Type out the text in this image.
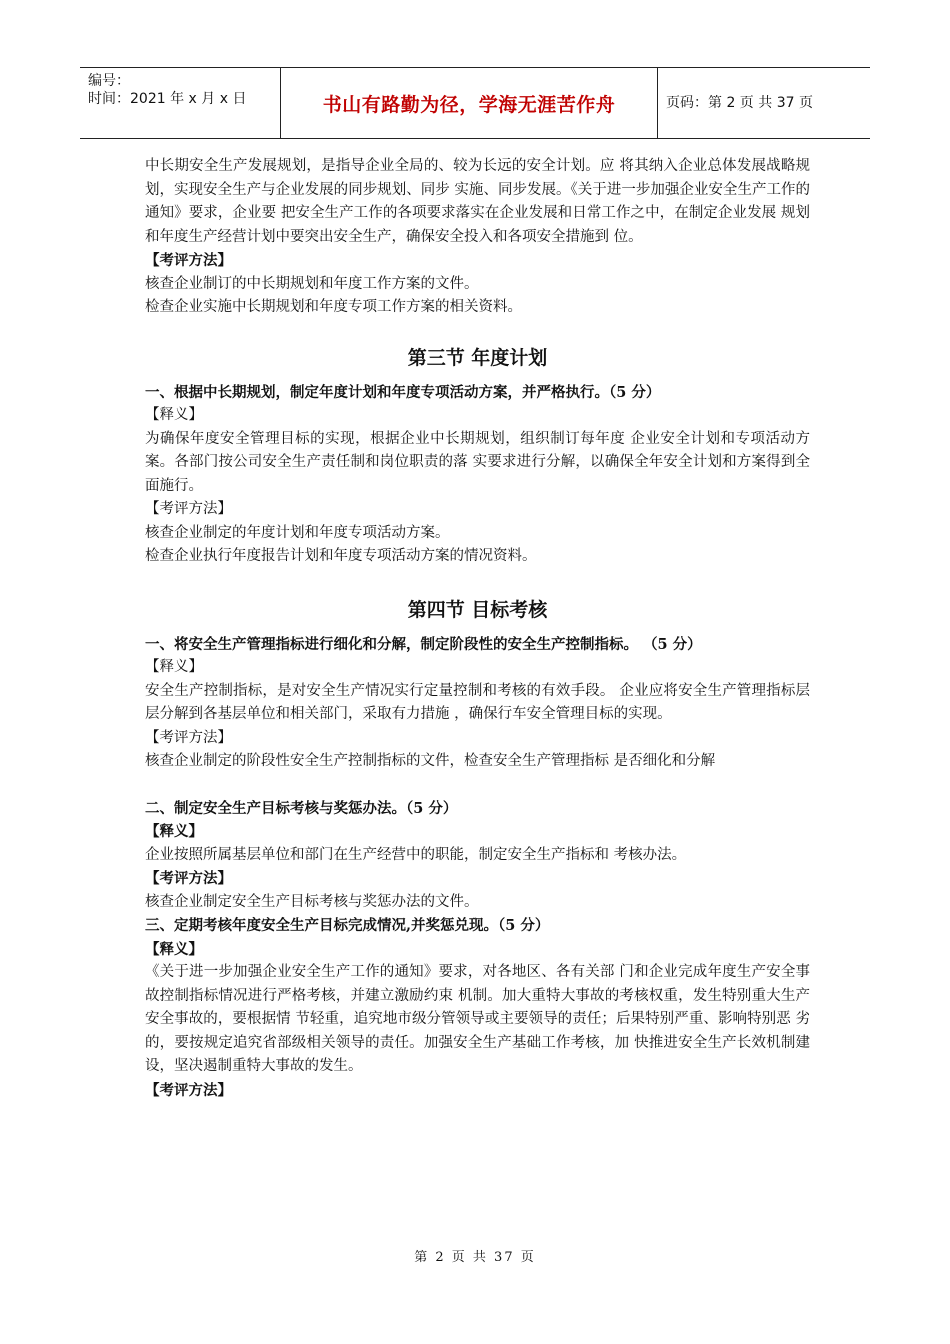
编号：
时间：2021 年 x 月 x 日	书山有路勤为径，学海无涯苦作舟	页码：第 2 页 共 37 页

中长期安全生产发展规划，是指导企业全局的、较为长远的安全计划。应 将其纳入企业总体发展战略规划，实现安全生产与企业发展的同步规划、同步 实施、同步发展。《关于进一步加强企业安全生产工作的通知》要求，企业要 把安全生产工作的各项要求落实在企业发展和日常工作之中，在制定企业发展 规划和年度生产经营计划中要突出安全生产，确保安全投入和各项安全措施到 位。

【考评方法】

核查企业制订的中长期规划和年度工作方案的文件。

检查企业实施中长期规划和年度专项工作方案的相关资料。

第三节 年度计划

一、根据中长期规划，制定年度计划和年度专项活动方案，并严格执行。（5 分）

【释义】

为确保年度安全管理目标的实现，根据企业中长期规划，组织制订每年度 企业安全计划和专项活动方案。各部门按公司安全生产责任制和岗位职责的落 实要求进行分解，以确保全年安全计划和方案得到全面施行。

【考评方法】

核查企业制定的年度计划和年度专项活动方案。

检查企业执行年度报告计划和年度专项活动方案的情况资料。

第四节 目标考核

一、将安全生产管理指标进行细化和分解，制定阶段性的安全生产控制指标。 （5 分）

【释义】

安全生产控制指标，是对安全生产情况实行定量控制和考核的有效手段。 企业应将安全生产管理指标层层分解到各基层单位和相关部门，采取有力措施 ，确保行车安全管理目标的实现。

【考评方法】

核查企业制定的阶段性安全生产控制指标的文件，检查安全生产管理指标 是否细化和分解

二、制定安全生产目标考核与奖惩办法。（5 分）

【释义】

企业按照所属基层单位和部门在生产经营中的职能，制定安全生产指标和 考核办法。

【考评方法】

核查企业制定安全生产目标考核与奖惩办法的文件。

三、定期考核年度安全生产目标完成情况,并奖惩兑现。（5 分）

【释义】

《关于进一步加强企业安全生产工作的通知》要求，对各地区、各有关部 门和企业完成年度生产安全事故控制指标情况进行严格考核，并建立激励约束 机制。加大重特大事故的考核权重，发生特别重大生产安全事故的，要根据情 节轻重，追究地市级分管领导或主要领导的责任；后果特别严重、影响特别恶 劣的，要按规定追究省部级相关领导的责任。加强安全生产基础工作考核，加 快推进安全生产长效机制建设，坚决遏制重特大事故的发生。

【考评方法】

第 2 页 共 37 页
